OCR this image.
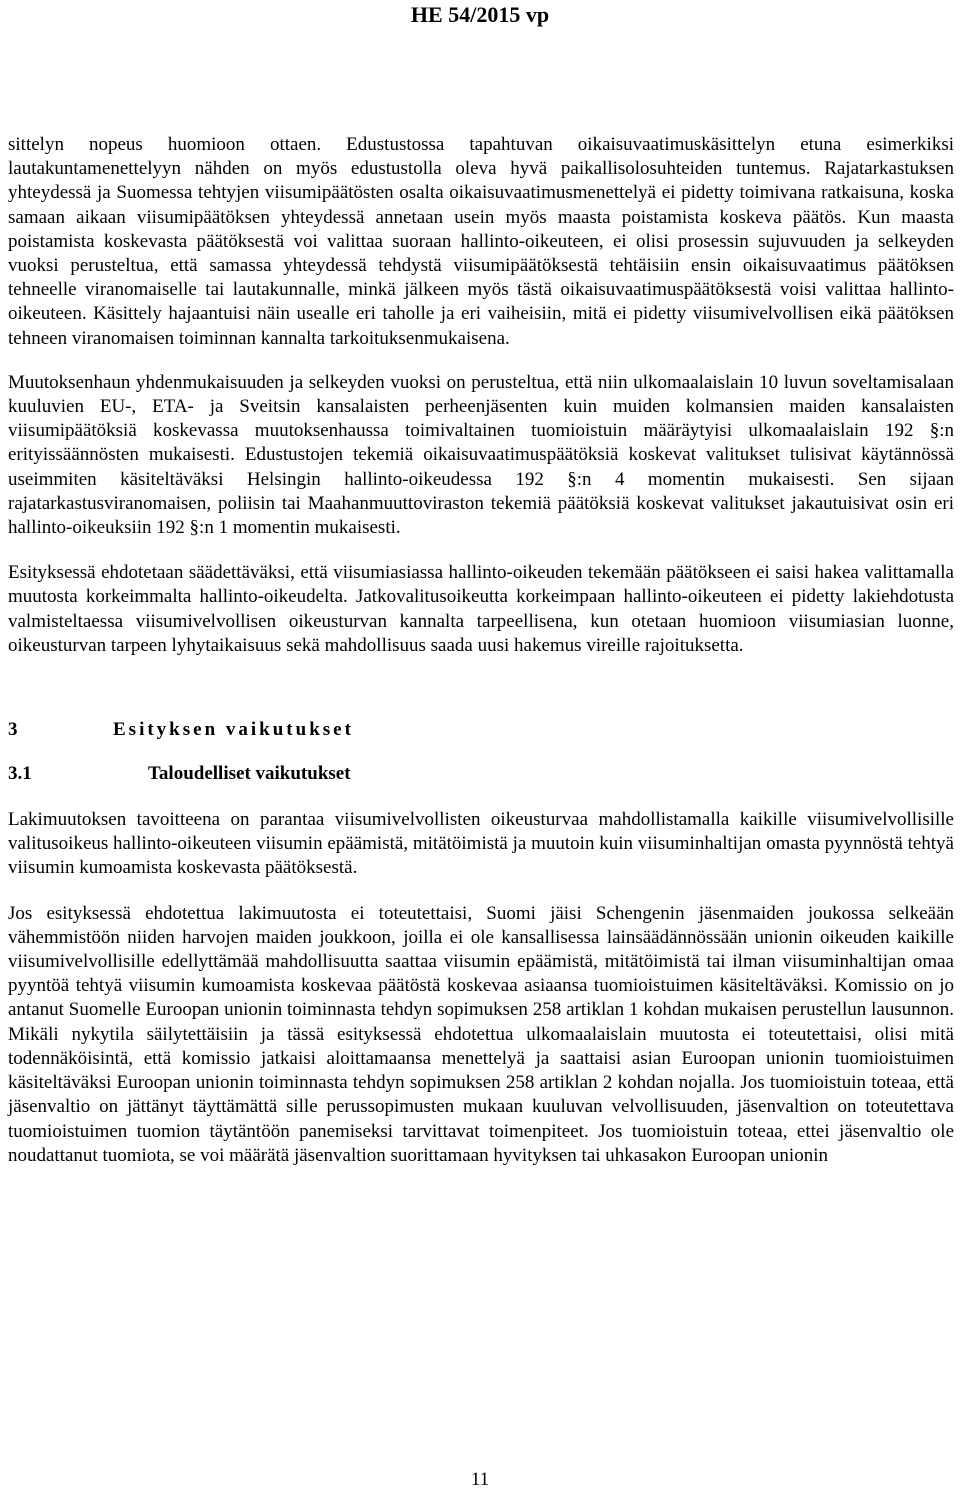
HE 54/2015 vp

sittelyn nopeus huomioon ottaen. Edustustossa tapahtuvan oikaisuvaatimuskäsittelyn etuna esimerkiksi lautakuntamenettelyyn nähden on myös edustustolla oleva hyvä paikallisolosuhteiden tuntemus. Rajatarkastuksen yhteydessä ja Suomessa tehtyjen viisumipäätösten osalta oikaisuvaatimusmenettelyä ei pidetty toimivana ratkaisuna, koska samaan aikaan viisumipäätöksen yhteydessä annetaan usein myös maasta poistamista koskeva päätös. Kun maasta poistamista koskevasta päätöksestä voi valittaa suoraan hallinto-oikeuteen, ei olisi prosessin sujuvuuden ja selkeyden vuoksi perusteltua, että samassa yhteydessä tehdystä viisumipäätöksestä tehtäisiin ensin oikaisuvaatimus päätöksen tehneelle viranomaiselle tai lautakunnalle, minkä jälkeen myös tästä oikaisuvaatimuspäätöksestä voisi valittaa hallinto-oikeuteen. Käsittely hajaantuisi näin usealle eri taholle ja eri vaiheisiin, mitä ei pidetty viisumivelvollisen eikä päätöksen tehneen viranomaisen toiminnan kannalta tarkoituksenmukaisena.

Muutoksenhaun yhdenmukaisuuden ja selkeyden vuoksi on perusteltua, että niin ulkomaalaislain 10 luvun soveltamisalaan kuuluvien EU-, ETA- ja Sveitsin kansalaisten perheenjäsenten kuin muiden kolmansien maiden kansalaisten viisumipäätöksiä koskevassa muutoksenhaussa toimivaltainen tuomioistuin määräytyisi ulkomaalaislain 192 §:n erityissäännösten mukaisesti. Edustustojen tekemiä oikaisuvaatimuspäätöksiä koskevat valitukset tulisivat käytännössä useimmiten käsiteltäväksi Helsingin hallinto-oikeudessa 192 §:n 4 momentin mukaisesti. Sen sijaan rajatarkastusviranomaisen, poliisin tai Maahanmuuttoviraston tekemiä päätöksiä koskevat valitukset jakautuisivat osin eri hallinto-oikeuksiin 192 §:n 1 momentin mukaisesti.

Esityksessä ehdotetaan säädettäväksi, että viisumiasiassa hallinto-oikeuden tekemään päätökseen ei saisi hakea valittamalla muutosta korkeimmalta hallinto-oikeudelta. Jatkovalitusoikeutta korkeimpaan hallinto-oikeuteen ei pidetty lakiehdotusta valmisteltaessa viisumivelvollisen oikeusturvan kannalta tarpeellisena, kun otetaan huomioon viisumiasian luonne, oikeusturvan tarpeen lyhytaikaisuus sekä mahdollisuus saada uusi hakemus vireille rajoituksetta.

3	Esityksen vaikutukset
3.1	Taloudelliset vaikutukset

Lakimuutoksen tavoitteena on parantaa viisumivelvollisten oikeusturvaa mahdollistamalla kaikille viisumivelvollisille valitusoikeus hallinto-oikeuteen viisumin epäämistä, mitätöimistä ja muutoin kuin viisuminhaltijan omasta pyynnöstä tehtyä viisumin kumoamista koskevasta päätöksestä.

Jos esityksessä ehdotettua lakimuutosta ei toteutettaisi, Suomi jäisi Schengenin jäsenmaiden joukossa selkeään vähemmistöön niiden harvojen maiden joukkoon, joilla ei ole kansallisessa lainsäädännössään unionin oikeuden kaikille viisumivelvollisille edellyttämää mahdollisuutta saattaa viisumin epäämistä, mitätöimistä tai ilman viisuminhaltijan omaa pyyntöä tehtyä viisumin kumoamista koskevaa päätöstä koskevaa asiaansa tuomioistuimen käsiteltäväksi. Komissio on jo antanut Suomelle Euroopan unionin toiminnasta tehdyn sopimuksen 258 artiklan 1 kohdan mukaisen perustellun lausunnon. Mikäli nykytila säilytettäisiin ja tässä esityksessä ehdotettua ulkomaalaislain muutosta ei toteutettaisi, olisi mitä todennäköisintä, että komissio jatkaisi aloittamaansa menettelyä ja saattaisi asian Euroopan unionin tuomioistuimen käsiteltäväksi Euroopan unionin toiminnasta tehdyn sopimuksen 258 artiklan 2 kohdan nojalla. Jos tuomioistuin toteaa, että jäsenvaltio on jättänyt täyttämättä sille perussopimusten mukaan kuuluvan velvollisuuden, jäsenvaltion on toteutettava tuomioistuimen tuomion täytäntöön panemiseksi tarvittavat toimenpiteet. Jos tuomioistuin toteaa, ettei jäsenvaltio ole noudattanut tuomiota, se voi määrätä jäsenvaltion suorittamaan hyvityksen tai uhkasakon Euroopan unionin

11
